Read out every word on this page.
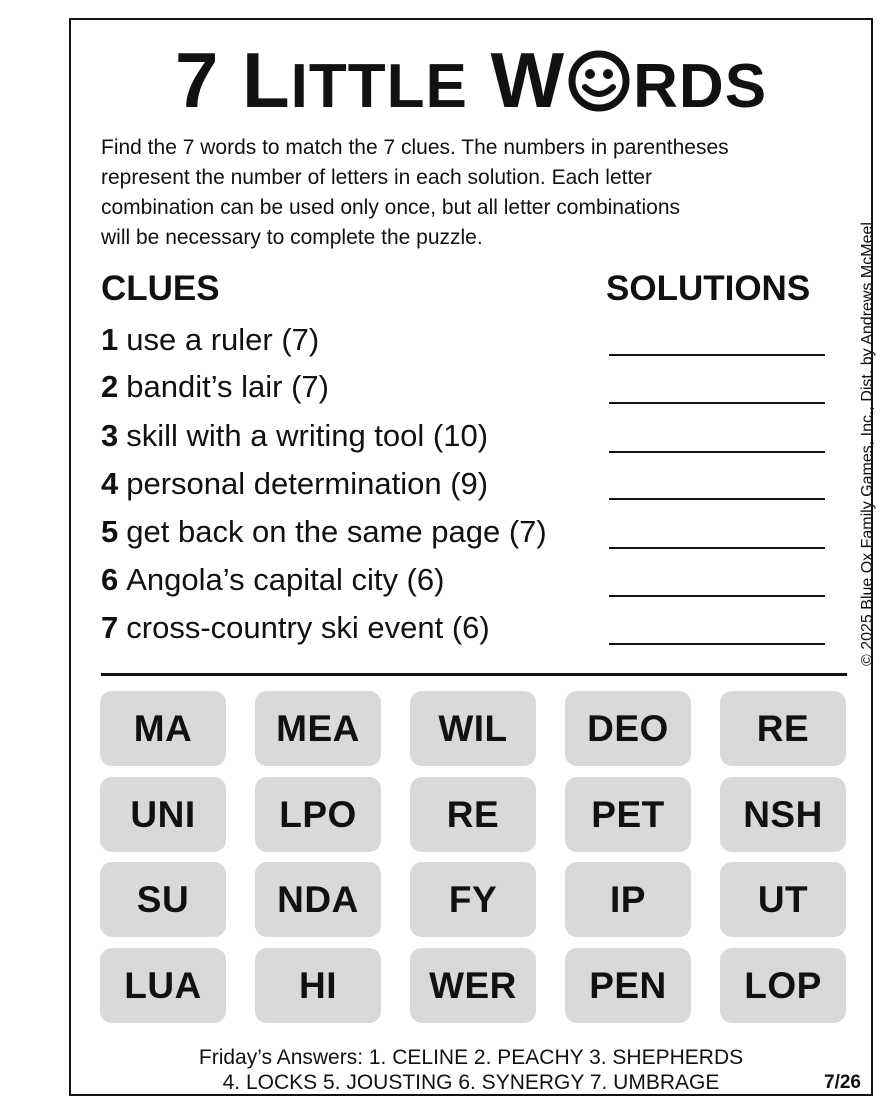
7 LITTLE W RDS
Find the 7 words to match the 7 clues. The numbers in parentheses
represent the number of letters in each solution. Each letter
combination can be used only once, but all letter combinations
will be necessary to complete the puzzle.	© 2025 Blue Ox Family Games, Inc., Dist. by Andrews McMeel
CLUES	SOLUTIONS
1 use a ruler (7)
2 bandit’s lair (7)
3 skill with a writing tool (10)
4 personal determination (9)
5 get back on the same page (7)
6 Angola’s capital city (6)
7 cross-country ski event (6)
MA	MEA	WIL	DEO	RE
UNI	LPO	RE	PET	NSH
SU	NDA	FY	IP	UT
LUA	HI	WER	PEN	LOP
Friday’s Answers: 1. CELINE 2. PEACHY 3. SHEPHERDS
4. LOCKS 5. JOUSTING 6. SYNERGY 7. UMBRAGE	7/26
